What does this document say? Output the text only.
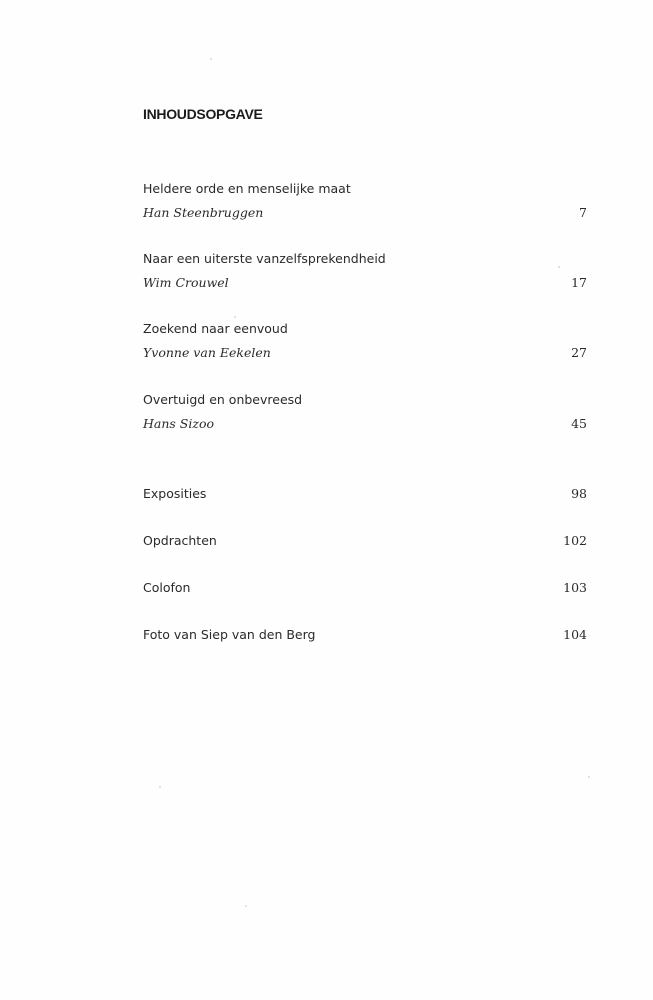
INHOUDSOPGAVE
Heldere orde en menselijke maat
Han Steenbruggen	7
Naar een uiterste vanzelfsprekendheid
Wim Crouwel	17
Zoekend naar eenvoud
Yvonne van Eekelen	27
Overtuigd en onbevreesd
Hans Sizoo	45
Exposities	98
Opdrachten	102
Colofon	103
Foto van Siep van den Berg	104
